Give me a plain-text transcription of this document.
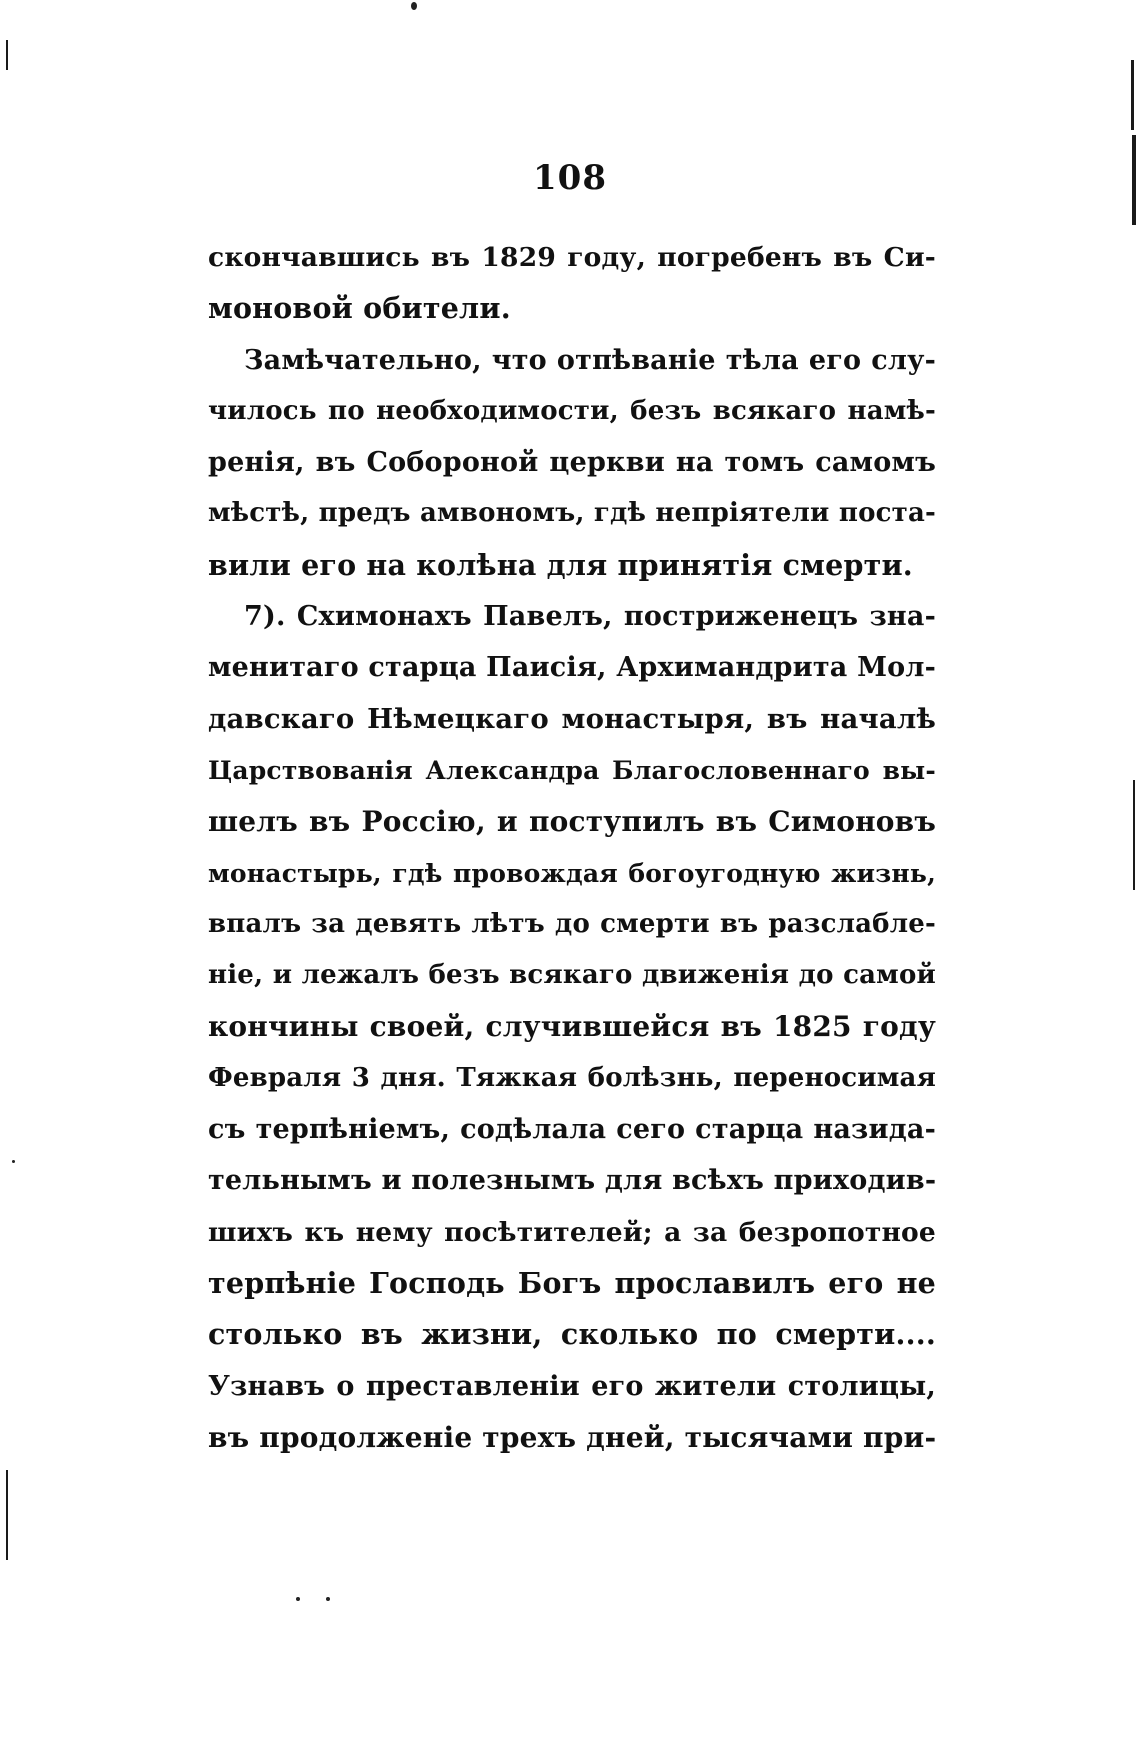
108
скончавшись въ 1829 году, погребенъ въ Си-
моновой обители.
Замѣчательно, что отпѣваніе тѣла его слу-
чилось по необходимости, безъ всякаго намѣ-
ренія, въ Собороной церкви на томъ самомъ
мѣстѣ, предъ амвономъ, гдѣ непріятели поста-
вили его на колѣна для принятія смерти.
7). Схимонахъ Павелъ, постриженецъ зна-
менитаго старца Паисія, Архимандрита Мол-
давскаго Нѣмецкаго монастыря, въ началѣ
Царствованія Александра Благословеннаго вы-
шелъ въ Россію, и поступилъ въ Симоновъ
монастырь, гдѣ провождая богоугодную жизнь,
впалъ за девять лѣтъ до смерти въ разслабле-
ніе, и лежалъ безъ всякаго движенія до самой
кончины своей, случившейся въ 1825 году
Февраля 3 дня. Тяжкая болѣзнь, переносимая
съ терпѣніемъ, содѣлала сего старца назида-
тельнымъ и полезнымъ для всѣхъ приходив-
шихъ къ нему посѣтителей; а за безропотное
терпѣніе Господь Богъ прославилъ его не
столько въ жизни, сколько по смерти....
Узнавъ о преставленіи его жители столицы,
въ продолженіе трехъ дней, тысячами при-
